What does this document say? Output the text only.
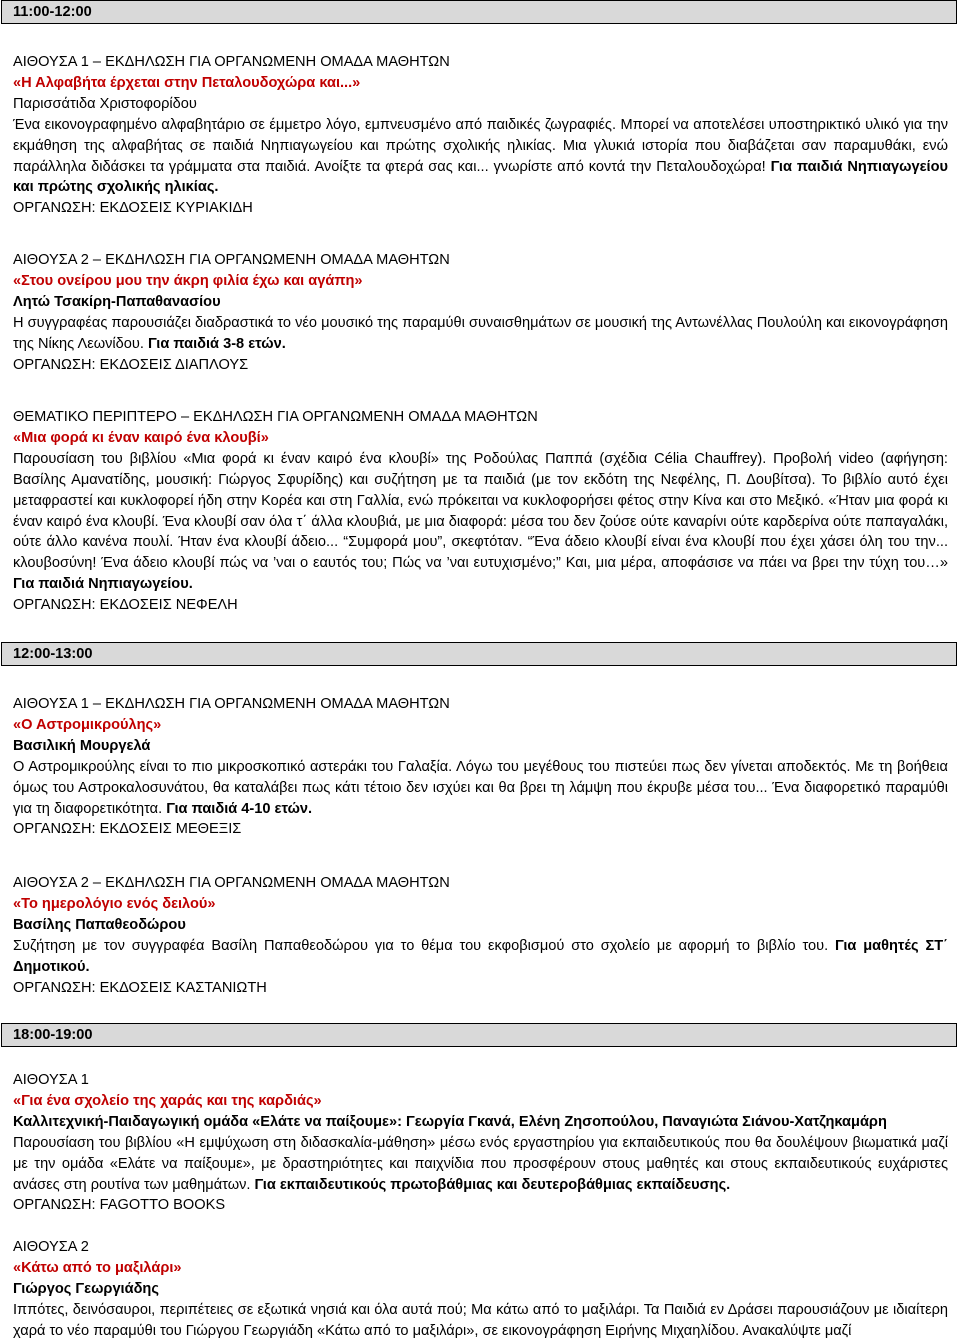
11:00-12:00
ΑΙΘΟΥΣΑ 1 – ΕΚΔΗΛΩΣΗ ΓΙΑ ΟΡΓΑΝΩΜΕΝΗ ΟΜΑΔΑ ΜΑΘΗΤΩΝ
«Η Αλφαβήτα έρχεται στην Πεταλουδοχώρα και...»
Παρισσάτιδα Χριστοφορίδου
Ένα εικονογραφημένο αλφαβητάριο σε έμμετρο λόγο, εμπνευσμένο από παιδικές ζωγραφιές. Μπορεί να αποτελέσει υποστηρικτικό υλικό για την εκμάθηση της αλφαβήτας σε παιδιά Νηπιαγωγείου και πρώτης σχολικής ηλικίας. Μια γλυκιά ιστορία που διαβάζεται σαν παραμυθάκι, ενώ παράλληλα διδάσκει τα γράμματα στα παιδιά. Ανοίξτε τα φτερά σας και... γνωρίστε από κοντά την Πεταλουδοχώρα! Για παιδιά Νηπιαγωγείου και πρώτης σχολικής ηλικίας.
ΟΡΓΑΝΩΣΗ: ΕΚΔΟΣΕΙΣ ΚΥΡΙΑΚΙΔΗ
ΑΙΘΟΥΣΑ 2 – ΕΚΔΗΛΩΣΗ ΓΙΑ ΟΡΓΑΝΩΜΕΝΗ ΟΜΑΔΑ ΜΑΘΗΤΩΝ
«Στου ονείρου μου την άκρη φιλία έχω και αγάπη»
Λητώ Τσακίρη-Παπαθανασίου
Η συγγραφέας παρουσιάζει διαδραστικά το νέο μουσικό της παραμύθι συναισθημάτων σε μουσική της Αντωνέλλας Πουλούλη και εικονογράφηση της Νίκης Λεωνίδου. Για παιδιά 3-8 ετών.
ΟΡΓΑΝΩΣΗ: ΕΚΔΟΣΕΙΣ ΔΙΑΠΛΟΥΣ
ΘΕΜΑΤΙΚΟ ΠΕΡΙΠΤΕΡΟ – ΕΚΔΗΛΩΣΗ ΓΙΑ ΟΡΓΑΝΩΜΕΝΗ ΟΜΑΔΑ ΜΑΘΗΤΩΝ
«Μια φορά κι έναν καιρό ένα κλουβί»
Παρουσίαση του βιβλίου «Μια φορά κι έναν καιρό ένα κλουβί» της Ροδούλας Παππά (σχέδια Célia Chauffrey). Προβολή video (αφήγηση: Βασίλης Αμανατίδης, μουσική: Γιώργος Σφυρίδης) και συζήτηση με τα παιδιά (με τον εκδότη της Νεφέλης, Π. Δουβίτσα). Το βιβλίο αυτό έχει μεταφραστεί και κυκλοφορεί ήδη στην Κορέα και στη Γαλλία, ενώ πρόκειται να κυκλοφορήσει φέτος στην Κίνα και στο Μεξικό. «Ήταν μια φορά κι έναν καιρό ένα κλουβί. Ένα κλουβί σαν όλα τ΄ άλλα κλουβιά, με μια διαφορά: μέσα του δεν ζούσε ούτε καναρίνι ούτε καρδερίνα ούτε παπαγαλάκι, ούτε άλλο κανένα πουλί. Ήταν ένα κλουβί άδειο... “Συμφορά μου”, σκεφτόταν. “Ένα άδειο κλουβί είναι ένα κλουβί που έχει χάσει όλη του την... κλουβοσύνη! Ένα άδειο κλουβί πώς να ’ναι ο εαυτός του; Πώς να ’ναι ευτυχισμένο;” Και, μια μέρα, αποφάσισε να πάει να βρει την τύχη του…» Για παιδιά Νηπιαγωγείου.
ΟΡΓΑΝΩΣΗ: ΕΚΔΟΣΕΙΣ ΝΕΦΕΛΗ
12:00-13:00
ΑΙΘΟΥΣΑ 1 – ΕΚΔΗΛΩΣΗ ΓΙΑ ΟΡΓΑΝΩΜΕΝΗ ΟΜΑΔΑ ΜΑΘΗΤΩΝ
«Ο Αστρομικρούλης»
Βασιλική Μουργελά
Ο Αστρομικρούλης είναι το πιο μικροσκοπικό αστεράκι του Γαλαξία. Λόγω του μεγέθους του πιστεύει πως δεν γίνεται αποδεκτός. Με τη βοήθεια όμως του Αστροκαλοσυνάτου, θα καταλάβει πως κάτι τέτοιο δεν ισχύει και θα βρει τη λάμψη που έκρυβε μέσα του... Ένα διαφορετικό παραμύθι για τη διαφορετικότητα. Για παιδιά 4-10 ετών.
ΟΡΓΑΝΩΣΗ: ΕΚΔΟΣΕΙΣ ΜΕΘΕΞΙΣ
ΑΙΘΟΥΣΑ 2 – ΕΚΔΗΛΩΣΗ ΓΙΑ ΟΡΓΑΝΩΜΕΝΗ ΟΜΑΔΑ ΜΑΘΗΤΩΝ
«Το ημερολόγιο ενός δειλού»
Βασίλης Παπαθεοδώρου
Συζήτηση με τον συγγραφέα Βασίλη Παπαθεοδώρου για το θέμα του εκφοβισμού στο σχολείο με αφορμή το βιβλίο του. Για μαθητές ΣΤ΄ Δημοτικού.
ΟΡΓΑΝΩΣΗ: ΕΚΔΟΣΕΙΣ ΚΑΣΤΑΝΙΩΤΗ
18:00-19:00
ΑΙΘΟΥΣΑ 1
«Για ένα σχολείο της χαράς και της καρδιάς»
Καλλιτεχνική-Παιδαγωγική ομάδα «Ελάτε να παίξουμε»: Γεωργία Γκανά, Ελένη Ζησοπούλου, Παναγιώτα Σιάνου-Χατζηκαμάρη
Παρουσίαση του βιβλίου «Η εμψύχωση στη διδασκαλία-μάθηση» μέσω ενός εργαστηρίου για εκπαιδευτικούς που θα δουλέψουν βιωματικά μαζί με την ομάδα «Ελάτε να παίξουμε», με δραστηριότητες και παιχνίδια που προσφέρουν στους μαθητές και στους εκπαιδευτικούς ευχάριστες ανάσες στη ρουτίνα των μαθημάτων. Για εκπαιδευτικούς πρωτοβάθμιας και δευτεροβάθμιας εκπαίδευσης.
ΟΡΓΑΝΩΣΗ: FAGOTTO BOOKS
ΑΙΘΟΥΣΑ 2
«Κάτω από το μαξιλάρι»
Γιώργος Γεωργιάδης
Ιππότες, δεινόσαυροι, περιπέτειες σε εξωτικά νησιά και όλα αυτά πού; Μα κάτω από το μαξιλάρι. Τα Παιδιά εν Δράσει παρουσιάζουν με ιδιαίτερη χαρά το νέο παραμύθι του Γιώργου Γεωργιάδη «Κάτω από το μαξιλάρι», σε εικονογράφηση Ειρήνης Μιχαηλίδου. Ανακαλύψτε μαζί
